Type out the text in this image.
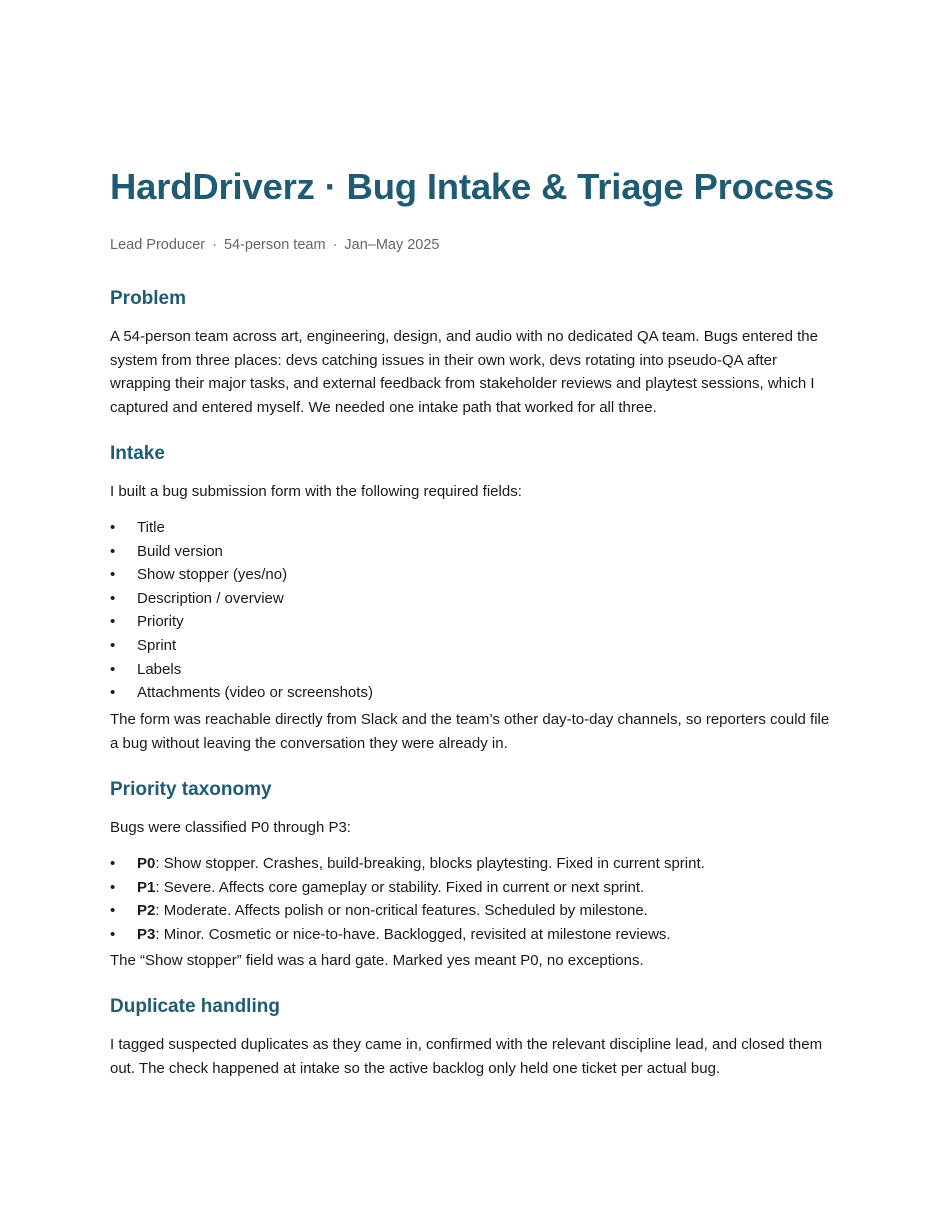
HardDriverz · Bug Intake & Triage Process
Lead Producer · 54-person team · Jan–May 2025
Problem

A 54-person team across art, engineering, design, and audio with no dedicated QA team. Bugs entered the system from three places: devs catching issues in their own work, devs rotating into pseudo-QA after wrapping their major tasks, and external feedback from stakeholder reviews and playtest sessions, which I captured and entered myself. We needed one intake path that worked for all three.

Intake

I built a bug submission form with the following required fields:

• Title
• Build version
• Show stopper (yes/no)
• Description / overview
• Priority
• Sprint
• Labels
• Attachments (video or screenshots)

The form was reachable directly from Slack and the team’s other day-to-day channels, so reporters could file a bug without leaving the conversation they were already in.

Priority taxonomy

Bugs were classified P0 through P3:

• P0: Show stopper. Crashes, build-breaking, blocks playtesting. Fixed in current sprint.
• P1: Severe. Affects core gameplay or stability. Fixed in current or next sprint.
• P2: Moderate. Affects polish or non-critical features. Scheduled by milestone.
• P3: Minor. Cosmetic or nice-to-have. Backlogged, revisited at milestone reviews.

The “Show stopper” field was a hard gate. Marked yes meant P0, no exceptions.

Duplicate handling

I tagged suspected duplicates as they came in, confirmed with the relevant discipline lead, and closed them out. The check happened at intake so the active backlog only held one ticket per actual bug.
